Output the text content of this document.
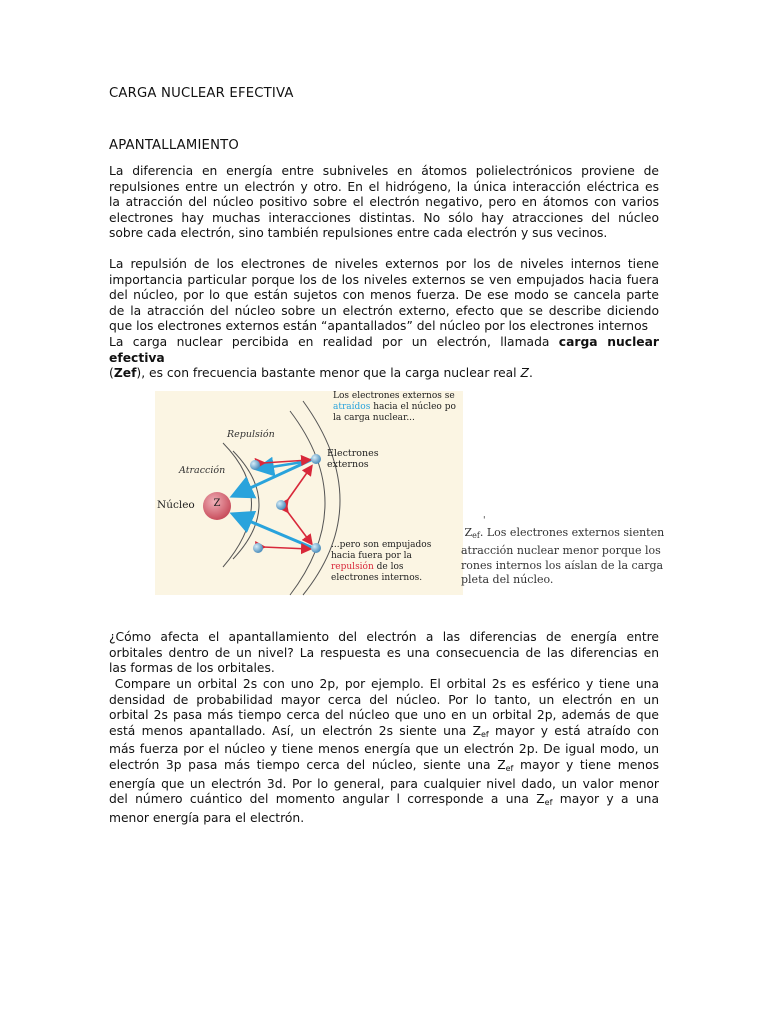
CARGA NUCLEAR EFECTIVA
APANTALLAMIENTO
La diferencia en energía entre subniveles en átomos polielectrónicos proviene de
repulsiones entre un electrón y otro. En el hidrógeno, la única interacción eléctrica es
la atracción del núcleo positivo sobre el electrón negativo, pero en átomos con varios
electrones hay muchas interacciones distintas. No sólo hay atracciones del núcleo
sobre cada electrón, sino también repulsiones entre cada electrón y sus vecinos.
La repulsión de los electrones de niveles externos por los de niveles internos tiene
importancia particular porque los de los niveles externos se ven empujados hacia fuera
del núcleo, por lo que están sujetos con menos fuerza. De ese modo se cancela parte
de la atracción del núcleo sobre un electrón externo, efecto que se describe diciendo
que los electrones externos están “apantallados” del núcleo por los electrones internos
La carga nuclear percibida en realidad por un electrón, llamada carga nuclear
efectiva
(Zef), es con frecuencia bastante menor que la carga nuclear real Z.
¿Cómo afecta el apantallamiento del electrón a las diferencias de energía entre
orbitales dentro de un nivel? La respuesta es una consecuencia de las diferencias en
las formas de los orbitales.
Compare un orbital 2s con uno 2p, por ejemplo. El orbital 2s es esférico y tiene una
densidad de probabilidad mayor cerca del núcleo. Por lo tanto, un electrón en un
orbital 2s pasa más tiempo cerca del núcleo que uno en un orbital 2p, además de que
está menos apantallado. Así, un electrón 2s siente una $Z_{ef}$ mayor y está atraído con
más fuerza por el núcleo y tiene menos energía que un electrón 2p. De igual modo, un
electrón 3p pasa más tiempo cerca del núcleo, siente una $Z_{ef}$ mayor y tiene menos
energía que un electrón 3d. Por lo general, para cualquier nivel dado, un valor menor
del número cuántico del momento angular l corresponde a una $Z_{ef}$ mayor y a una
menor energía para el electrón.
Z
Núcleo
Repulsión
Atracción
Electrones
externos
Los electrones externos se
atraídos hacia el núcleo po
la carga nuclear...
...pero son empujados
hacia fuera por la
repulsión de los
electrones internos.
'
$Z_{ef}$. Los electrones externos sienten
atracción nuclear menor porque los
rones internos los aíslan de la carga
pleta del núcleo.
